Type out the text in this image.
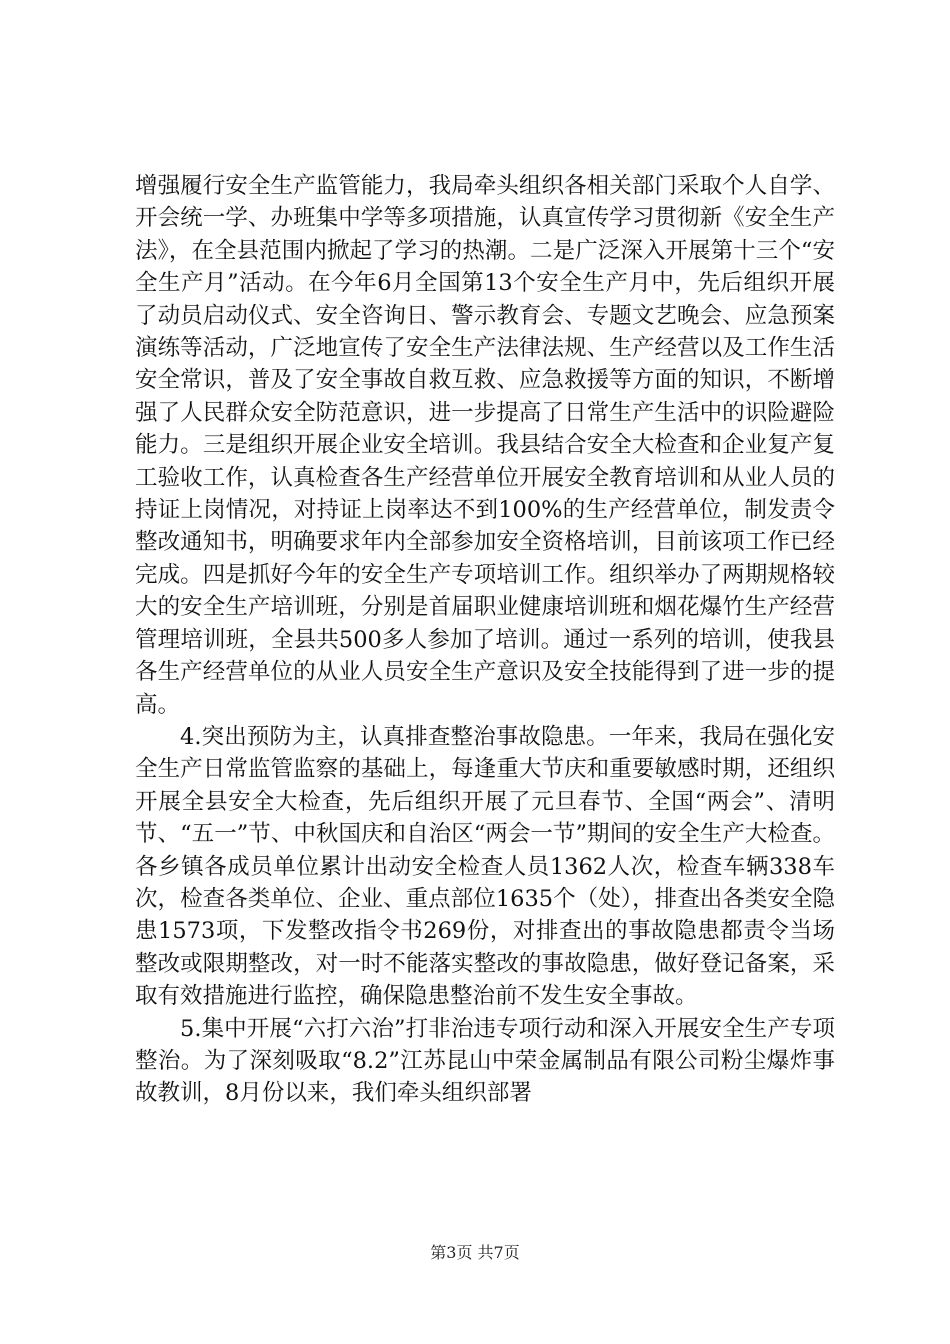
增强履行安全生产监管能力，我局牵头组织各相关部门采取个人自学、开会统一学、办班集中学等多项措施，认真宣传学习贯彻新《安全生产法》，在全县范围内掀起了学习的热潮。二是广泛深入开展第十三个“安全生产月”活动。在今年6月全国第13个安全生产月中，先后组织开展了动员启动仪式、安全咨询日、警示教育会、专题文艺晚会、应急预案演练等活动，广泛地宣传了安全生产法律法规、生产经营以及工作生活安全常识，普及了安全事故自救互救、应急救援等方面的知识，不断增强了人民群众安全防范意识，进一步提高了日常生产生活中的识险避险能力。三是组织开展企业安全培训。我县结合安全大检查和企业复产复工验收工作，认真检查各生产经营单位开展安全教育培训和从业人员的持证上岗情况，对持证上岗率达不到100%的生产经营单位，制发责令整改通知书，明确要求年内全部参加安全资格培训，目前该项工作已经完成。四是抓好今年的安全生产专项培训工作。组织举办了两期规格较大的安全生产培训班，分别是首届职业健康培训班和烟花爆竹生产经营管理培训班，全县共500多人参加了培训。通过一系列的培训，使我县各生产经营单位的从业人员安全生产意识及安全技能得到了进一步的提高。

4.突出预防为主，认真排查整治事故隐患。一年来，我局在强化安全生产日常监管监察的基础上，每逢重大节庆和重要敏感时期，还组织开展全县安全大检查，先后组织开展了元旦春节、全国“两会”、清明节、“五一”节、中秋国庆和自治区“两会一节”期间的安全生产大检查。各乡镇各成员单位累计出动安全检查人员1362人次，检查车辆338车次，检查各类单位、企业、重点部位1635个（处），排查出各类安全隐患1573项，下发整改指令书269份，对排查出的事故隐患都责令当场整改或限期整改，对一时不能落实整改的事故隐患，做好登记备案，采取有效措施进行监控，确保隐患整治前不发生安全事故。

5.集中开展“六打六治”打非治违专项行动和深入开展安全生产专项整治。为了深刻吸取“8.2”江苏昆山中荣金属制品有限公司粉尘爆炸事故教训，8月份以来，我们牵头组织部署

第3页 共7页
